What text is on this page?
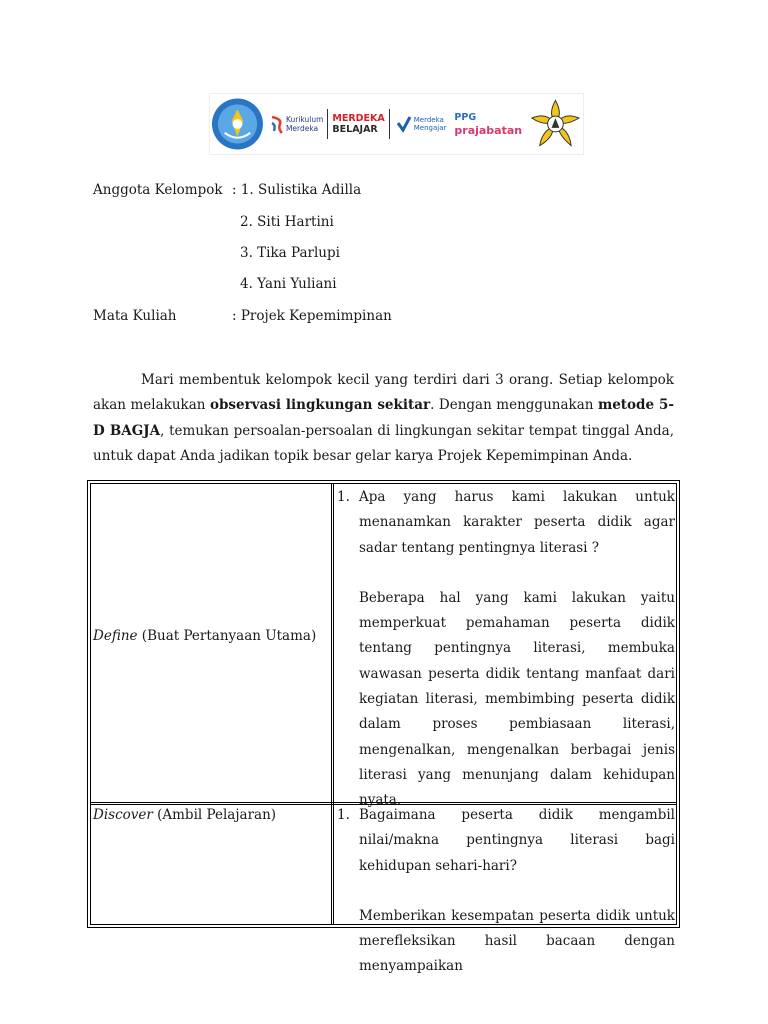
Kurikulum
Merdeka
MERDEKA
BELAJAR
Merdeka
Mengajar
PPG
prajabatan
Anggota Kelompok : 1. Sulistika Adilla
2. Siti Hartini
3. Tika Parlupi
4. Yani Yuliani
Mata Kuliah	: Projek Kepemimpinan

Mari membentuk kelompok kecil yang terdiri dari 3 orang. Setiap kelompok akan melakukan observasi lingkungan sekitar. Dengan menggunakan metode 5-D BAGJA, temukan persoalan-persoalan di lingkungan sekitar tempat tinggal Anda, untuk dapat Anda jadikan topik besar gelar karya Projek Kepemimpinan Anda.

Define (Buat Pertanyaan Utama)
1. Apa yang harus kami lakukan untuk menanamkan karakter peserta didik agar sadar tentang pentingnya literasi ?

Beberapa hal yang kami lakukan yaitu memperkuat pemahaman peserta didik tentang pentingnya literasi, membuka wawasan peserta didik tentang manfaat dari kegiatan literasi, membimbing peserta didik dalam proses pembiasaan literasi, mengenalkan, mengenalkan berbagai jenis literasi yang menunjang dalam kehidupan nyata.

Discover (Ambil Pelajaran)	1. Bagaimana peserta didik mengambil nilai/makna pentingnya literasi bagi kehidupan sehari-hari?

Memberikan kesempatan peserta didik untuk merefleksikan hasil bacaan dengan menyampaikan
